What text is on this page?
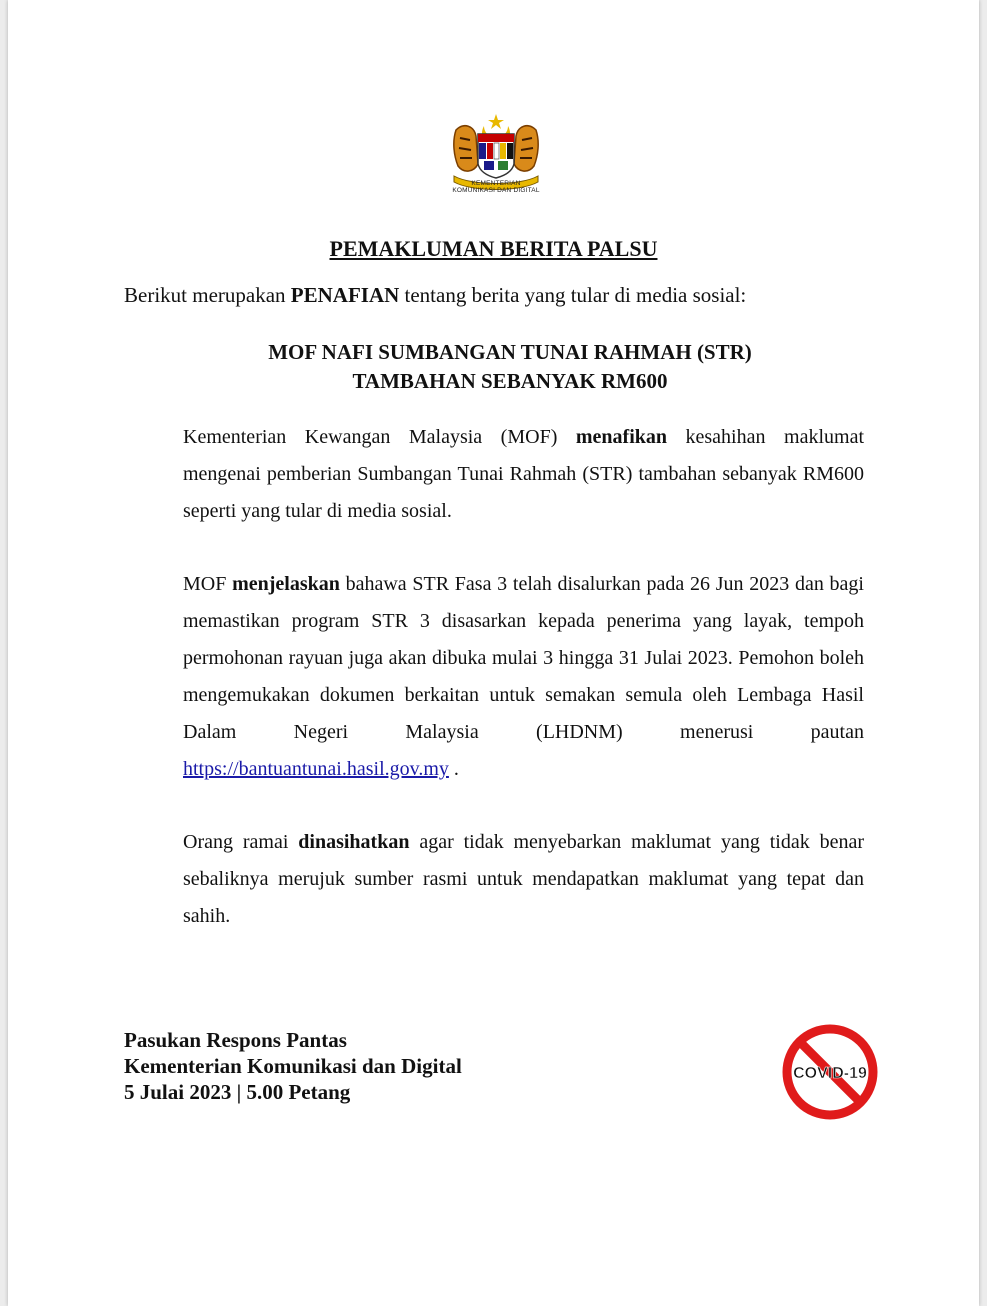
KEMENTERIAN
KOMUNIKASI DAN DIGITAL
PEMAKLUMAN BERITA PALSU
Berikut merupakan PENAFIAN tentang berita yang tular di media sosial:
MOF NAFI SUMBANGAN TUNAI RAHMAH (STR)
TAMBAHAN SEBANYAK RM600
Kementerian Kewangan Malaysia (MOF) menafikan kesahihan maklumat mengenai pemberian Sumbangan Tunai Rahmah (STR) tambahan sebanyak RM600 seperti yang tular di media sosial.
MOF menjelaskan bahawa STR Fasa 3 telah disalurkan pada 26 Jun 2023 dan bagi memastikan program STR 3 disasarkan kepada penerima yang layak, tempoh permohonan rayuan juga akan dibuka mulai 3 hingga 31 Julai 2023. Pemohon boleh mengemukakan dokumen berkaitan untuk semakan semula oleh Lembaga Hasil Dalam Negeri Malaysia (LHDNM) menerusi pautan https://bantuantunai.hasil.gov.my .
Orang ramai dinasihatkan agar tidak menyebarkan maklumat yang tidak benar sebaliknya merujuk sumber rasmi untuk mendapatkan maklumat yang tepat dan sahih.
Pasukan Respons Pantas
Kementerian Komunikasi dan Digital
5 Julai 2023 | 5.00 Petang
COVID-19
